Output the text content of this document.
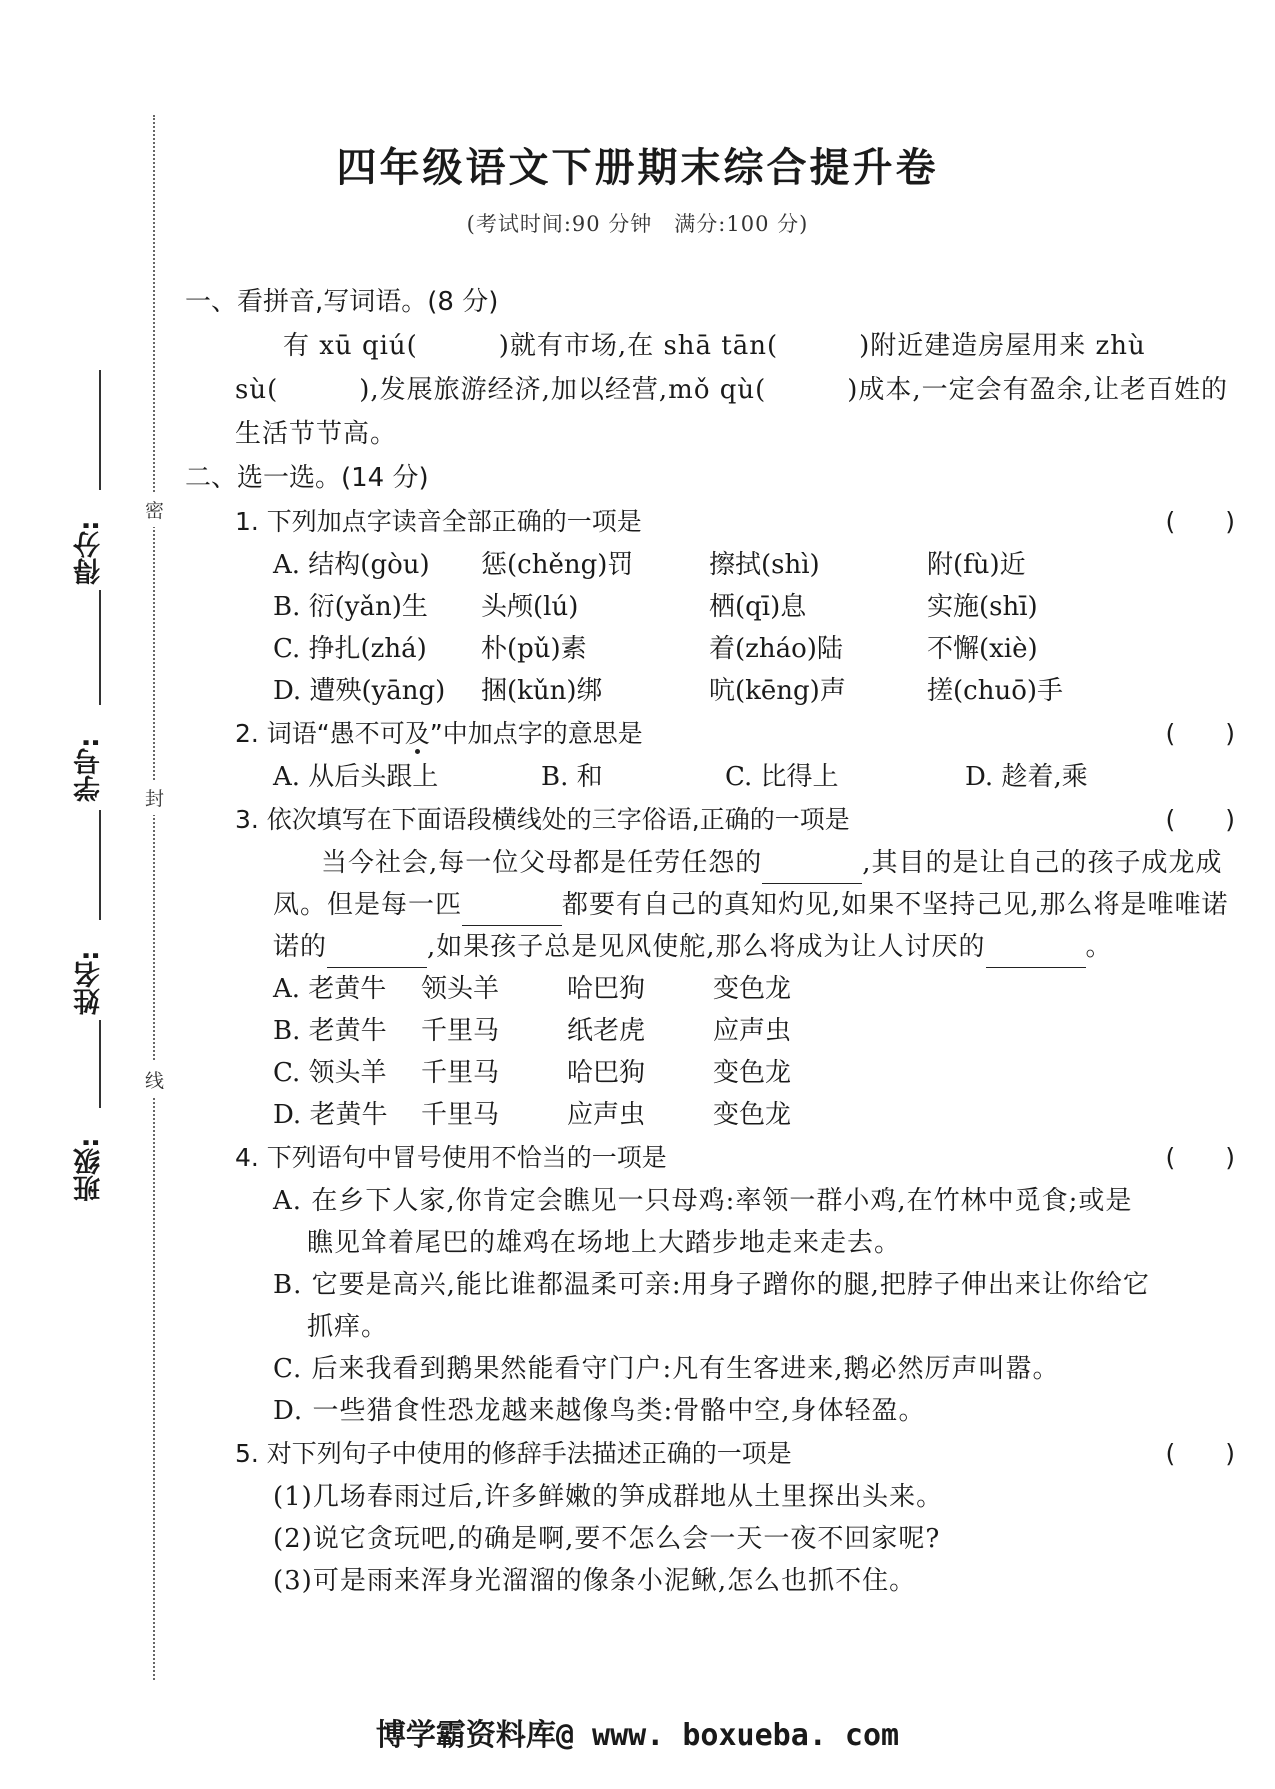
密
封
线
得分:
学号:
姓名:
班级:
四年级语文下册期末综合提升卷
(考试时间:90 分钟　满分:100 分)
一、看拼音,写词语。(8 分)
有 xū qiú(　　　)就有市场,在 shā tān(　　　)附近建造房屋用来 zhù sù(　　　),发展旅游经济,加以经营,mǒ qù(　　　)成本,一定会有盈余,让老百姓的生活节节高。
二、选一选。(14 分)
1. 下列加点字读音全部正确的一项是	(　　)
A. 结构(gòu) 惩(chěng)罚	擦拭(shì)	附(fù)近
B. 衍(yǎn)生 头颅(lú)	栖(qī)息	实施(shī)
C. 挣扎(zhá) 朴(pǔ)素	着(zháo)陆	不懈(xiè)
D. 遭殃(yāng) 捆(kǔn)绑	吭(kēng)声	搓(chuō)手
2. 词语“愚不可及”中加点字的意思是	(　　)
A. 从后头跟上	B. 和	C. 比得上	D. 趁着,乘
3. 依次填写在下面语段横线处的三字俗语,正确的一项是	(　　)
当今社会,每一位父母都是任劳任怨的	,其目的是让自己的孩子成龙成凤。但是每一匹	都要有自己的真知灼见,如果不坚持己见,那么将是唯唯诺诺的	,如果孩子总是见风使舵,那么将成为让人讨厌的	。
A. 老黄牛 领头羊	哈巴狗	变色龙
B. 老黄牛 千里马	纸老虎	应声虫
C. 领头羊 千里马	哈巴狗	变色龙
D. 老黄牛 千里马	应声虫	变色龙
4. 下列语句中冒号使用不恰当的一项是	(　　)
A. 在乡下人家,你肯定会瞧见一只母鸡:率领一群小鸡,在竹林中觅食;或是
瞧见耸着尾巴的雄鸡在场地上大踏步地走来走去。
B. 它要是高兴,能比谁都温柔可亲:用身子蹭你的腿,把脖子伸出来让你给它
抓痒。
C. 后来我看到鹅果然能看守门户:凡有生客进来,鹅必然厉声叫嚣。
D. 一些猎食性恐龙越来越像鸟类:骨骼中空,身体轻盈。
5. 对下列句子中使用的修辞手法描述正确的一项是	(　　)
(1)几场春雨过后,许多鲜嫩的笋成群地从土里探出头来。
(2)说它贪玩吧,的确是啊,要不怎么会一天一夜不回家呢?
(3)可是雨来浑身光溜溜的像条小泥鳅,怎么也抓不住。
博学霸资料库@ www. boxueba. com
